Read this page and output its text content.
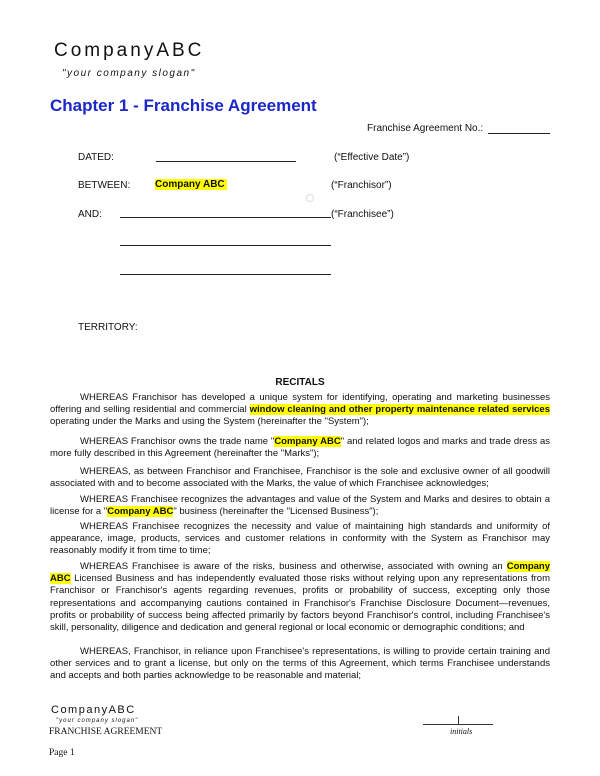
CompanyABC
"your company slogan"
Chapter 1 - Franchise Agreement
Franchise Agreement No.:
DATED:	(“Effective Date”)
BETWEEN: Company ABC	(“Franchisor”)
AND:	(“Franchisee”)
TERRITORY:
RECITALS

WHEREAS Franchisor has developed a unique system for identifying, operating and marketing businesses offering and selling residential and commercial window cleaning and other property maintenance related services operating under the Marks and using the System (hereinafter the "System");

WHEREAS Franchisor owns the trade name "Company ABC" and related logos and marks and trade dress as more fully described in this Agreement (hereinafter the "Marks");

WHEREAS, as between Franchisor and Franchisee, Franchisor is the sole and exclusive owner of all goodwill associated with and to become associated with the Marks, the value of which Franchisee acknowledges;

WHEREAS Franchisee recognizes the advantages and value of the System and Marks and desires to obtain a license for a "Company ABC" business (hereinafter the "Licensed Business");

WHEREAS Franchisee recognizes the necessity and value of maintaining high standards and uniformity of appearance, image, products, services and customer relations in conformity with the System as Franchisor may reasonably modify it from time to time;

WHEREAS Franchisee is aware of the risks, business and otherwise, associated with owning an Company ABC Licensed Business and has independently evaluated those risks without relying upon any representations from Franchisor or Franchisor's agents regarding revenues, profits or probability of success, excepting only those representations and accompanying cautions contained in Franchisor's Franchise Disclosure Document—revenues, profits or probability of success being affected primarily by factors beyond Franchisor's control, including Franchisee's skill, personality, diligence and dedication and general regional or local economic or demographic conditions; and

WHEREAS, Franchisor, in reliance upon Franchisee's representations, is willing to provide certain training and other services and to grant a license, but only on the terms of this Agreement, which terms Franchisee understands and accepts and both parties acknowledge to be reasonable and material;

CompanyABC
"your company slogan"
FRANCHISE AGREEMENT
Page 1
initials
